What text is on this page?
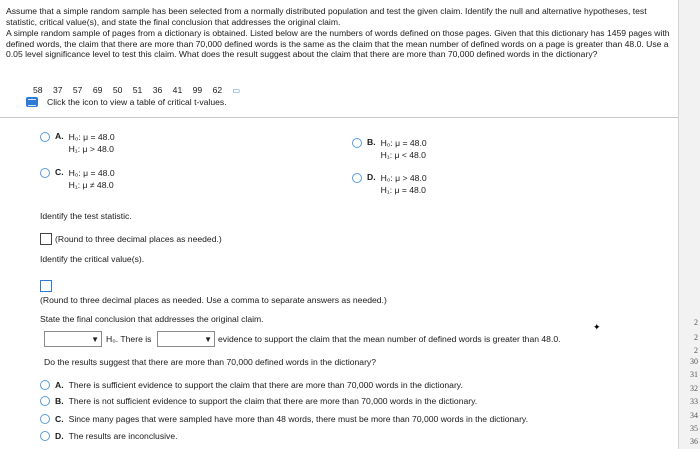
Assume that a simple random sample has been selected from a normally distributed population and test the given claim. Identify the null and alternative hypotheses, test statistic, critical value(s), and state the final conclusion that addresses the original claim.

A simple random sample of pages from a dictionary is obtained. Listed below are the numbers of words defined on those pages. Given that this dictionary has 1459 pages with defined words, the claim that there are more than 70,000 defined words is the same as the claim that the mean number of defined words on a page is greater than 48.0. Use a 0.05 level significance level to test this claim. What does the result suggest about the claim that there are more than 70,000 defined words in the dictionary?

58 37 57 69 50 51 36 41 99 62 ▭
Click the icon to view a table of critical t-values.
A. H₀: μ = 48.0
H₁: μ > 48.0
B. H₀: μ = 48.0
H₁: μ < 48.0
C. H₀: μ = 48.0
H₁: μ ≠ 48.0
D. H₀: μ > 48.0
H₁: μ = 48.0
Identify the test statistic.
(Round to three decimal places as needed.)
Identify the critical value(s).
(Round to three decimal places as needed. Use a comma to separate answers as needed.)
State the final conclusion that addresses the original claim.
▼ H₀. There is	▼ evidence to support the claim that the mean number of defined words is greater than 48.0.
Do the results suggest that there are more than 70,000 defined words in the dictionary?
A. There is sufficient evidence to support the claim that there are more than 70,000 words in the dictionary.
B. There is not sufficient evidence to support the claim that there are more than 70,000 words in the dictionary.
C. Since many pages that were sampled have more than 48 words, there must be more than 70,000 words in the dictionary.
D. The results are inconclusive.
✦	2
2
2
30
31
32
33
34
35
36
